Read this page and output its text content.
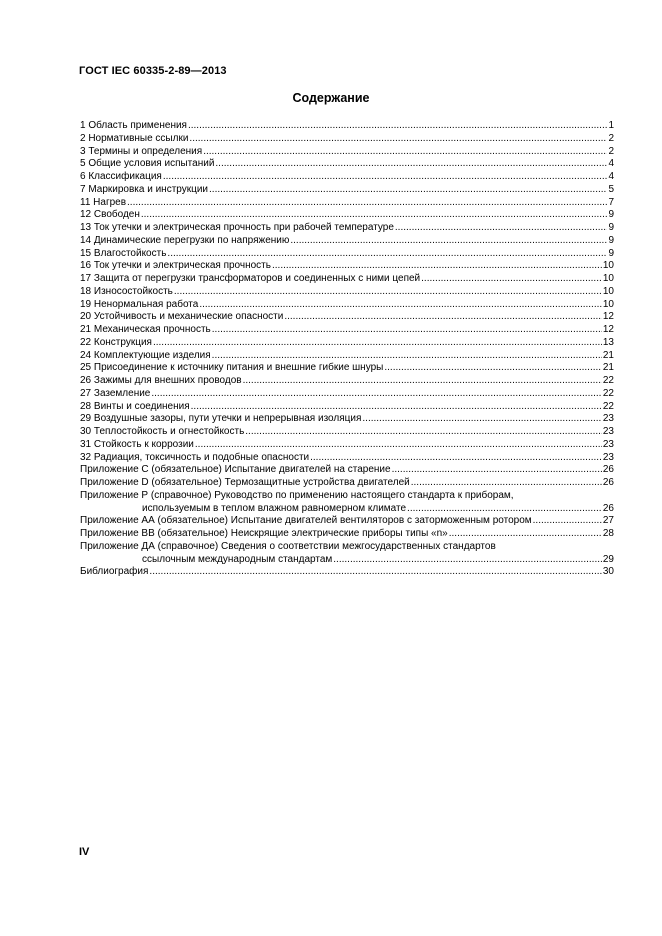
ГОСТ IEC 60335-2-89—2013
Содержание
1 Область применения .....	1
2 Нормативные ссылки .....	2
3 Термины и определения .....	2
5 Общие условия испытаний .....	4
6 Классификация .....	4
7 Маркировка и инструкции .....	5
11 Нагрев .....	7
12 Свободен .....	9
13 Ток утечки и электрическая прочность при рабочей температуре .....	9
14 Динамические перегрузки по напряжению .....	9
15 Влагостойкость .....	9
16 Ток утечки и электрическая прочность .....	10
17 Защита от перегрузки трансформаторов и соединенных с ними цепей .....	10
18 Износостойкость .....	10
19 Ненормальная работа .....	10
20 Устойчивость и механические опасности .....	12
21 Механическая прочность .....	12
22 Конструкция .....	13
24 Комплектующие изделия .....	21
25 Присоединение к источнику питания и внешние гибкие шнуры .....	21
26 Зажимы для внешних проводов .....	22
27 Заземление .....	22
28 Винты и соединения .....	22
29 Воздушные зазоры, пути утечки и непрерывная изоляция .....	23
30 Теплостойкость и огнестойкость .....	23
31 Стойкость к коррозии .....	23
32 Радиация, токсичность и подобные опасности .....	23
Приложение С (обязательное) Испытание двигателей на старение .....	26
Приложение D (обязательное) Термозащитные устройства двигателей .....	26
Приложение Р (справочное) Руководство по применению настоящего стандарта к приборам,
используемым в теплом влажном равномерном климате .....	26
Приложение АА (обязательное) Испытание двигателей вентиляторов с заторможенным ротором .....	27
Приложение ВВ (обязательное) Неискрящие электрические приборы типы «n» .....	28
Приложение ДА (справочное) Сведения о соответствии межгосударственных стандартов
ссылочным международным стандартам .....	29
Библиография .....	30
IV
